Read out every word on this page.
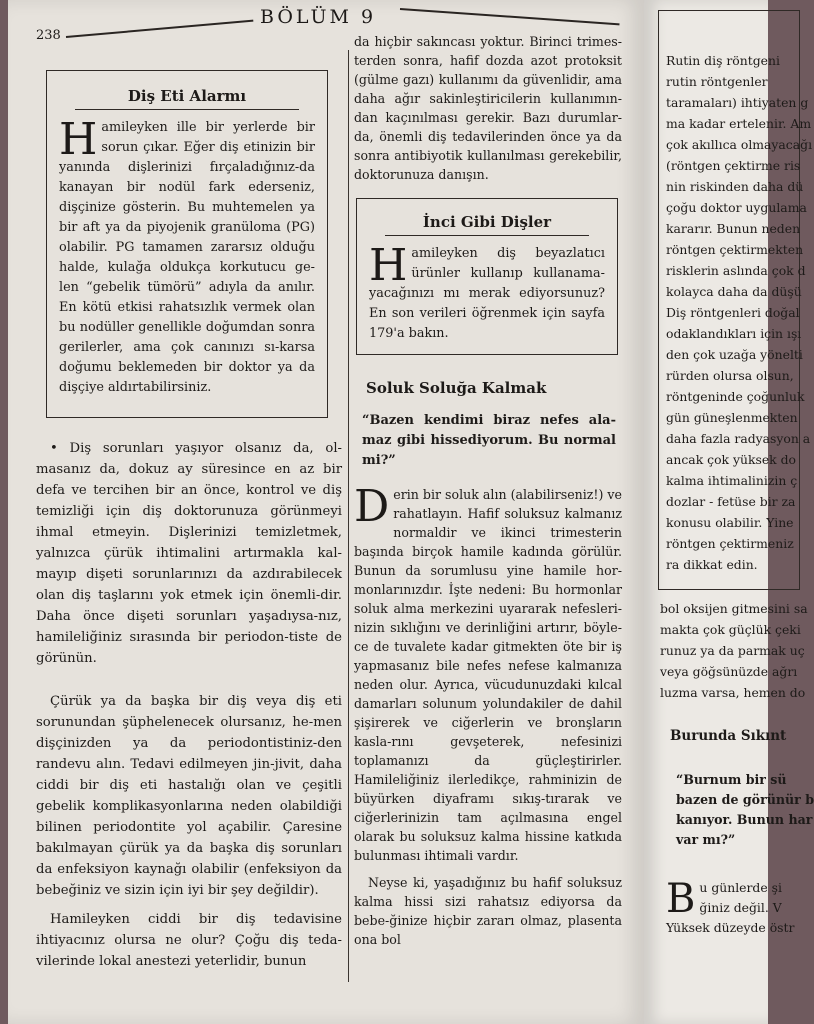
238
BÖLÜM 9
Diş Eti Alarmı
H amileyken ille bir yerlerde bir sorun çıkar. Eğer diş etinizin bir yanında dişlerinizi fırçaladığınız-da kanayan bir nodül fark ederseniz, dişçinize gösterin. Bu muhtemelen ya bir aft ya da piyojenik granüloma (PG) olabilir. PG tamamen zararsız olduğu halde, kulağa oldukça korkutucu ge-len “gebelik tümörü” adıyla da anılır. En kötü etkisi rahatsızlık vermek olan bu nodüller genellikle doğumdan sonra gerilerler, ama çok canınızı sı-karsa doğumu beklemeden bir doktor ya da dişçiye aldırtabilirsiniz.

• Diş sorunları yaşıyor olsanız da, ol-masanız da, dokuz ay süresince en az bir defa ve tercihen bir an önce, kontrol ve diş temizliği için diş doktorunuza görünmeyi ihmal etmeyin. Dişlerinizi temizletmek, yalnızca çürük ihtimalini artırmakla kal-mayıp dişeti sorunlarınızı da azdırabilecek olan diş taşlarını yok etmek için önemli-dir. Daha önce dişeti sorunları yaşadıysa-nız, hamileliğiniz sırasında bir periodon-tiste de görünün.

Çürük ya da başka bir diş veya diş eti sorunundan şüphelenecek olursanız, he-men dişçinizden ya da periodontistiniz-den randevu alın. Tedavi edilmeyen jin-jivit, daha ciddi bir diş eti hastalığı olan ve çeşitli gebelik komplikasyonlarına neden olabildiği bilinen periodontite yol açabilir. Çaresine bakılmayan çürük ya da başka diş sorunları da enfeksiyon kaynağı olabilir (enfeksiyon da bebeğiniz ve sizin için iyi bir şey değildir).

Hamileyken ciddi bir diş tedavisine ihtiyacınız olursa ne olur? Çoğu diş teda-vilerinde lokal anestezi yeterlidir, bunun

da hiçbir sakıncası yoktur. Birinci trimes-terden sonra, hafif dozda azot protoksit (gülme gazı) kullanımı da güvenlidir, ama daha ağır sakinleştiricilerin kullanımın-dan kaçınılması gerekir. Bazı durumlar-da, önemli diş tedavilerinden önce ya da sonra antibiyotik kullanılması gerekebilir, doktorunuza danışın.

İnci Gibi Dişler
H amileyken diş beyazlatıcı ürünler kullanıp kullanama-yacağınızı mı merak ediyorsunuz? En son verileri öğrenmek için sayfa 179'a bakın.
Soluk Soluğa Kalmak
“Bazen kendimi biraz nefes ala-maz gibi hissediyorum. Bu normal mi?”

D erin bir soluk alın (alabilirseniz!) ve rahatlayın. Hafif soluksuz kalmanız normaldir ve ikinci trimesterin başında birçok hamile kadında görülür. Bunun da sorumlusu yine hamile hor-monlarınızdır. İşte nedeni: Bu hormonlar soluk alma merkezini uyararak nefesleri-nizin sıklığını ve derinliğini artırır, böyle-ce de tuvalete kadar gitmekten öte bir iş yapmasanız bile nefes nefese kalmanıza neden olur. Ayrıca, vücudunuzdaki kılcal damarları solunum yolundakiler de dahil şişirerek ve ciğerlerin ve bronşların kasla-rını gevşeterek, nefesinizi toplamanızı da güçleştirirler. Hamileliğiniz ilerledikçe, rahminizin de büyürken diyaframı sıkış-tırarak ve ciğerlerinizin tam açılmasına engel olarak bu soluksuz kalma hissine katkıda bulunması ihtimali vardır.

Neyse ki, yaşadığınız bu hafif soluksuz kalma hissi sizi rahatsız ediyorsa da bebe-ğinize hiçbir zararı olmaz, plasenta ona bol

Rutin diş röntgeni

rutin röntgenler

taramaları) ihtiyaten g

ma kadar ertelenir. Am

çok akıllıca olmayacağı

(röntgen çektirme ris

nin riskinden daha dü

çoğu doktor uygulama

kararır. Bunun neden

röntgen çektirmekten

risklerin aslında çok d

kolayca daha da düşü

Diş röntgenleri doğal

odaklandıkları için ışı

den çok uzağa yönelti

rürden olursa olsun,

röntgeninde çoğunluk

gün güneşlenmekten

daha fazla radyasyon a

ancak çok yüksek do

kalma ihtimalinizin ç

dozlar - fetüse bir za

konusu olabilir. Yine

röntgen çektirmeniz

ra dikkat edin.

bol oksijen gitmesini sa

makta çok güçlük çeki

runuz ya da parmak uç

veya göğsünüzde ağrı

luzma varsa, hemen do

Burunda Sıkınt
“Burnum bir sü
bazen de görünür b
kanıyor. Bunun har
var mı?”
B u günlerde şi
ğiniz değil. V
Yüksek düzeyde östr
